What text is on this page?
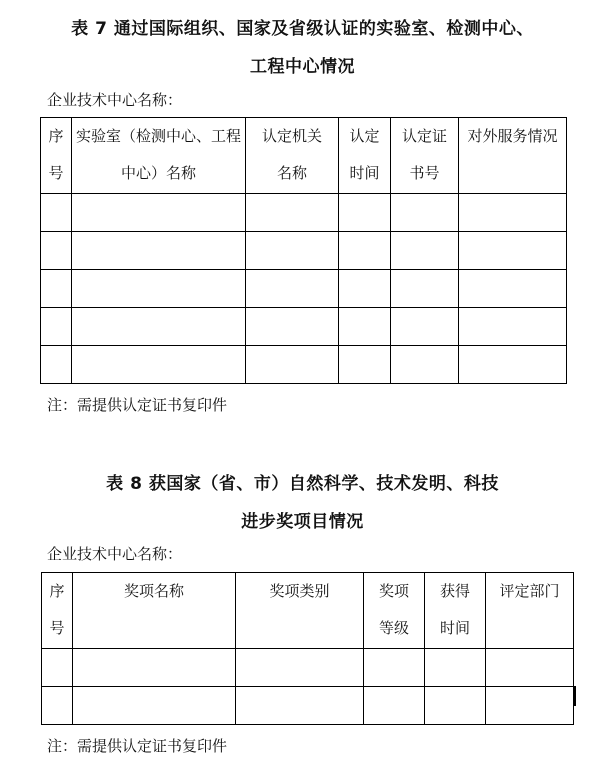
表 7 通过国际组织、国家及省级认证的实验室、检测中心、
工程中心情况
企业技术中心名称：
序号	实验室（检测中心、工程中心）名称	认定机关名称	认定时间	认定证书号	对外服务情况

注：需提供认定证书复印件
表 8 获国家（省、市）自然科学、技术发明、科技
进步奖项目情况
企业技术中心名称：
序号	奖项名称	奖项类别	奖项等级	获得时间	评定部门

注：需提供认定证书复印件
